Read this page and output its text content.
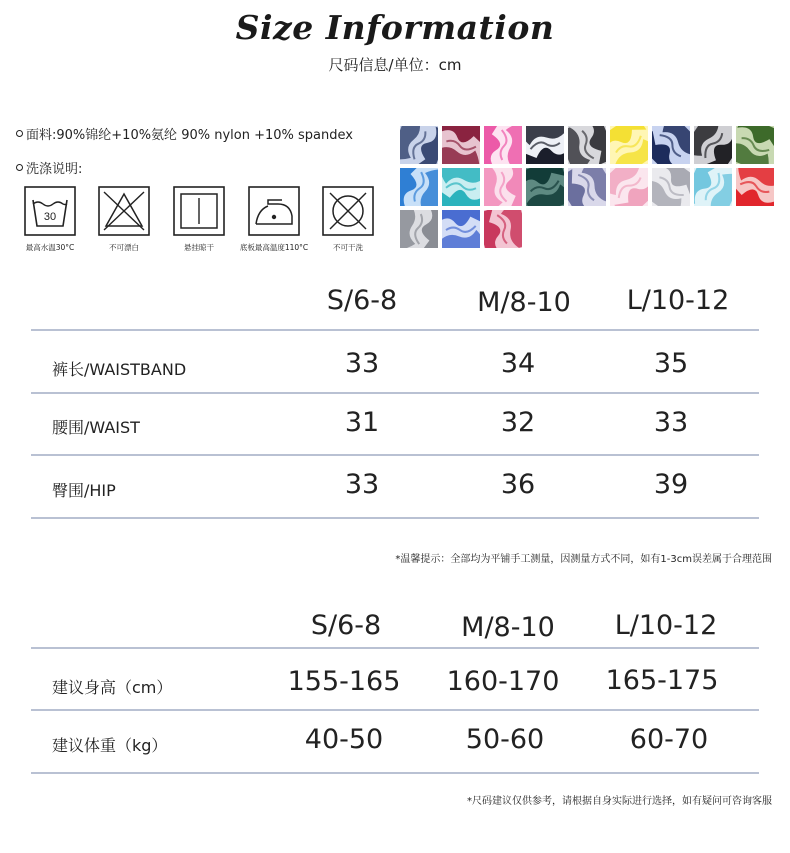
Size Information
尺码信息/单位：cm
面料:90%锦纶+10%氨纶 90% nylon +10% spandex
洗涤说明:
30
最高水温30°C	不可漂白	悬挂晾干	底板最高温度110°C	不可干洗
S/6-8	M/8-10	L/10-12
裤长/WAISTBAND	33	34	35
腰围/WAIST	31	32	33
臀围/HIP	33	36	39
*温馨提示：全部均为平铺手工测量，因测量方式不同，如有1-3cm误差属于合理范围
S/6-8	M/8-10	L/10-12
建议身高（cm）	155-165	160-170	165-175
建议体重（kg）	40-50	50-60	60-70
*尺码建议仅供参考，请根据自身实际进行选择，如有疑问可咨询客服
